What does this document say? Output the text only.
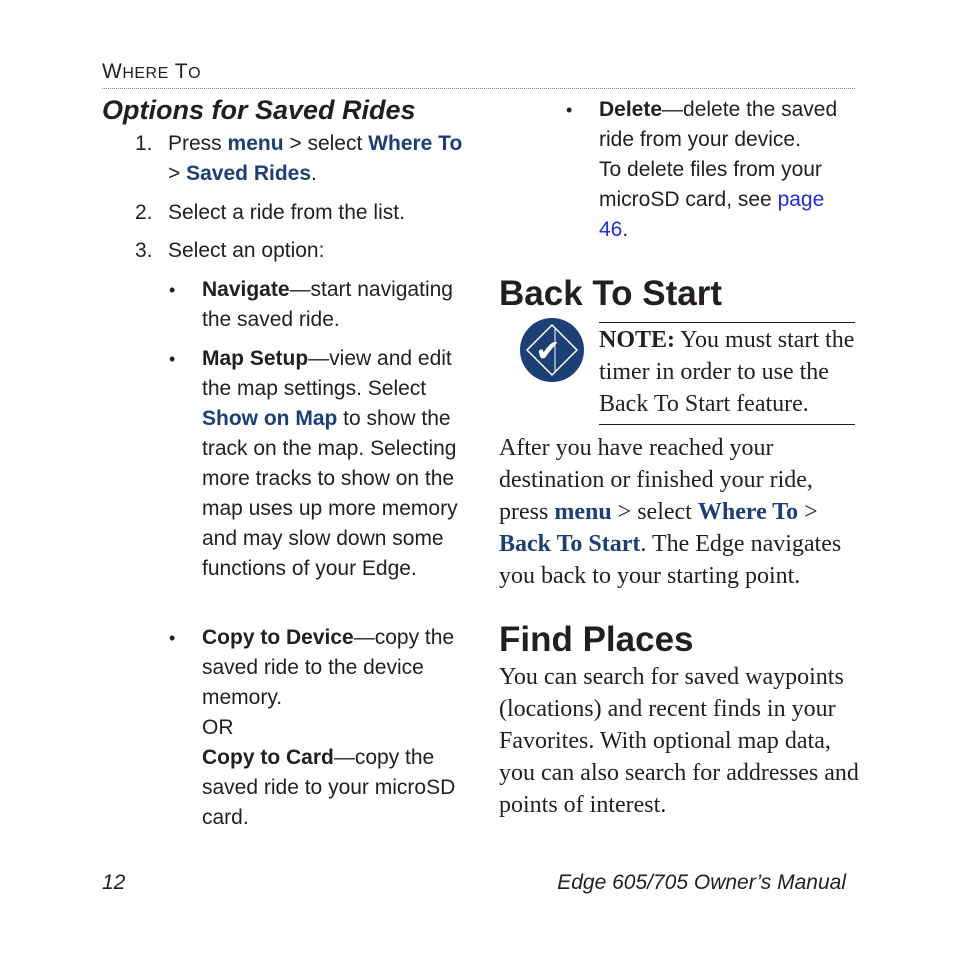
WHERE TO
Options for Saved Rides
1. Press menu > select Where To > Saved Rides.
2. Select a ride from the list.
3. Select an option:
• Navigate—start navigating the saved ride.
• Map Setup—view and edit the map settings. Select Show on Map to show the track on the map. Selecting more tracks to show on the map uses up more memory and may slow down some functions of your Edge.
• Copy to Device—copy the saved ride to the device memory.
OR
Copy to Card—copy the saved ride to your microSD card.
• Delete—delete the saved ride from your device.
To delete files from your microSD card, see page 46.
Back To Start
✔ NOTE: You must start the timer in order to use the Back To Start feature.
After you have reached your destination or finished your ride, press menu > select Where To > Back To Start. The Edge navigates you back to your starting point.
Find Places
You can search for saved waypoints (locations) and recent finds in your Favorites. With optional map data, you can also search for addresses and points of interest.
12	Edge 605/705 Owner’s Manual
